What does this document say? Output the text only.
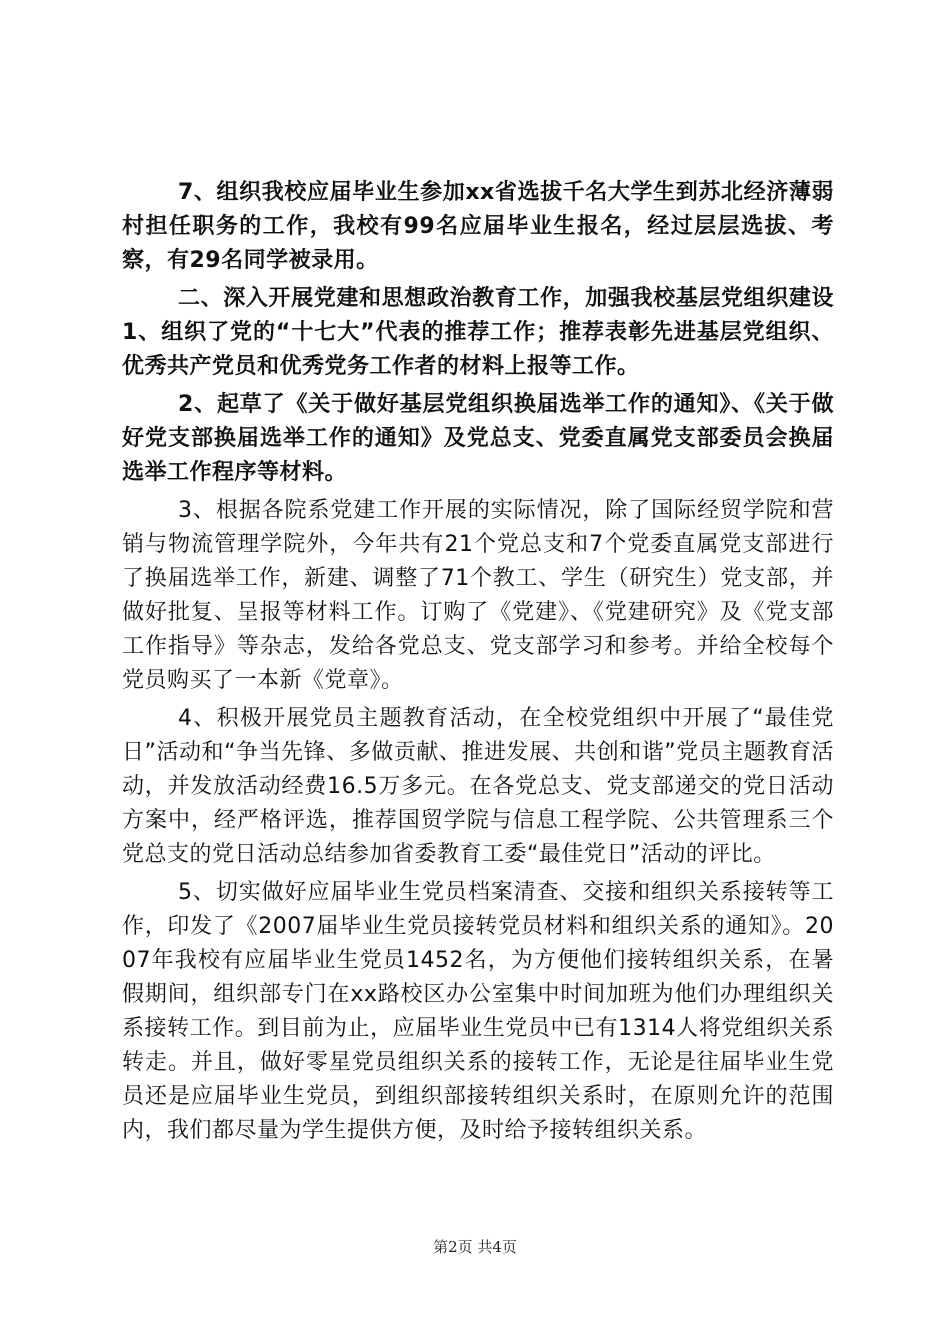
7、组织我校应届毕业生参加xx省选拔千名大学生到苏北经济薄弱村担任职务的工作，我校有99名应届毕业生报名，经过层层选拔、考察，有29名同学被录用。

二、深入开展党建和思想政治教育工作，加强我校基层党组织建设1、组织了党的“十七大”代表的推荐工作；推荐表彰先进基层党组织、优秀共产党员和优秀党务工作者的材料上报等工作。

2、起草了《关于做好基层党组织换届选举工作的通知》、《关于做好党支部换届选举工作的通知》及党总支、党委直属党支部委员会换届选举工作程序等材料。

3、根据各院系党建工作开展的实际情况，除了国际经贸学院和营销与物流管理学院外，今年共有21个党总支和7个党委直属党支部进行了换届选举工作，新建、调整了71个教工、学生（研究生）党支部，并做好批复、呈报等材料工作。订购了《党建》、《党建研究》及《党支部工作指导》等杂志，发给各党总支、党支部学习和参考。并给全校每个党员购买了一本新《党章》。

4、积极开展党员主题教育活动，在全校党组织中开展了“最佳党日”活动和“争当先锋、多做贡献、推进发展、共创和谐”党员主题教育活动，并发放活动经费16.5万多元。在各党总支、党支部递交的党日活动方案中，经严格评选，推荐国贸学院与信息工程学院、公共管理系三个党总支的党日活动总结参加省委教育工委“最佳党日”活动的评比。

5、切实做好应届毕业生党员档案清查、交接和组织关系接转等工作，印发了《2007届毕业生党员接转党员材料和组织关系的通知》。2007年我校有应届毕业生党员1452名，为方便他们接转组织关系，在暑假期间，组织部专门在xx路校区办公室集中时间加班为他们办理组织关系接转工作。到目前为止，应届毕业生党员中已有1314人将党组织关系转走。并且，做好零星党员组织关系的接转工作，无论是往届毕业生党员还是应届毕业生党员，到组织部接转组织关系时，在原则允许的范围内，我们都尽量为学生提供方便，及时给予接转组织关系。

第2页 共4页
